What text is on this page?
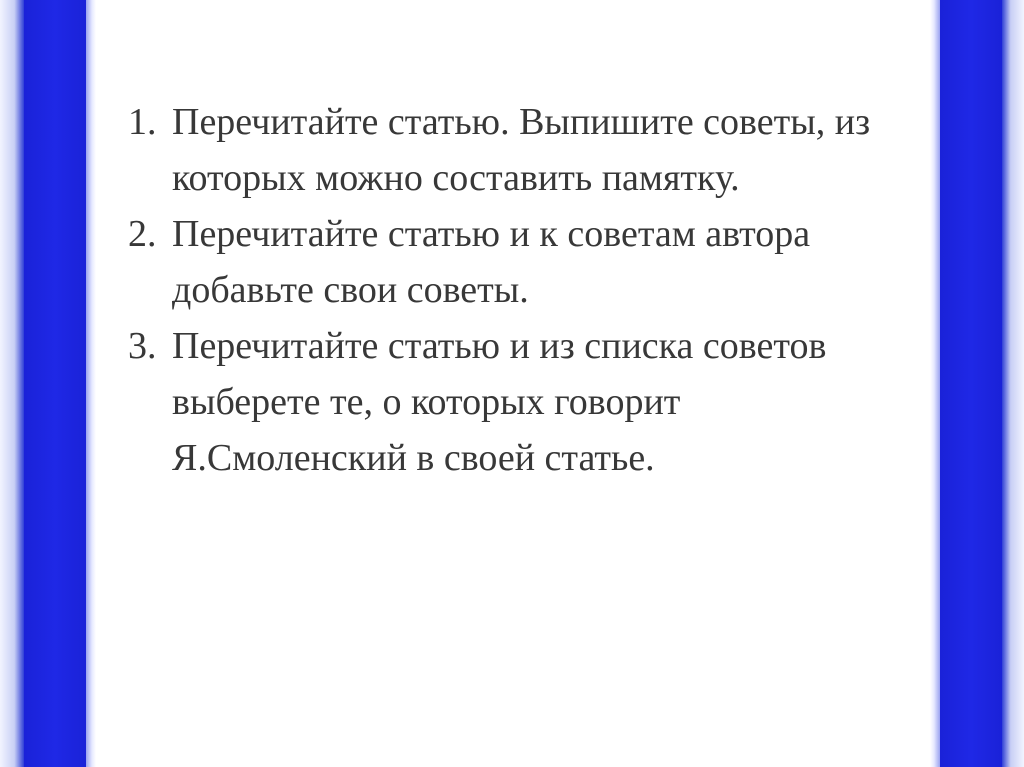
1. Перечитайте статью. Выпишите советы, из которых можно составить памятку.
2. Перечитайте статью и к советам автора добавьте свои советы.
3. Перечитайте статью и из списка советов выберете те, о которых говорит Я.Смоленский в своей статье.
